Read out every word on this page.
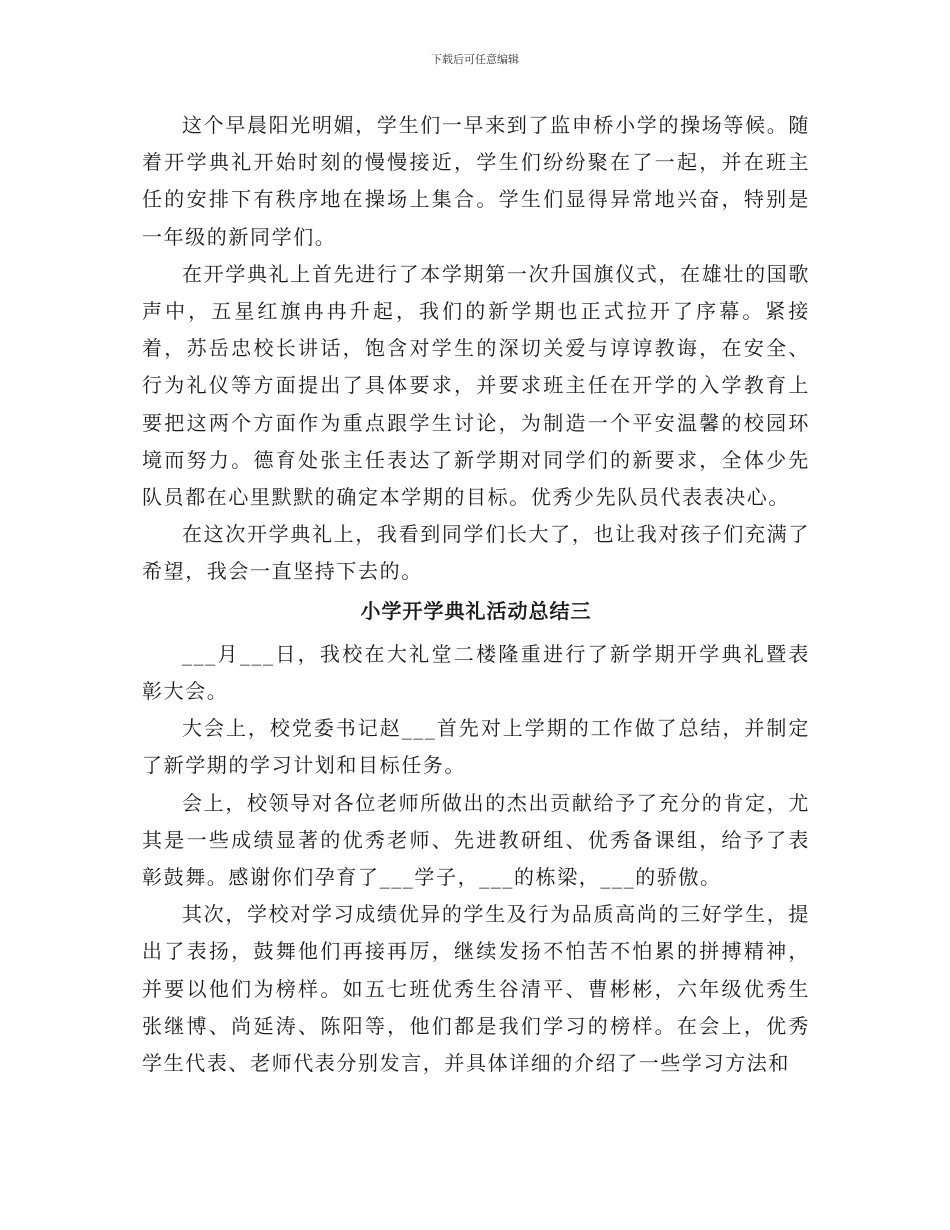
下载后可任意编辑

这个早晨阳光明媚，学生们一早来到了监申桥小学的操场等候。随着开学典礼开始时刻的慢慢接近，学生们纷纷聚在了一起，并在班主任的安排下有秩序地在操场上集合。学生们显得异常地兴奋，特别是一年级的新同学们。

在开学典礼上首先进行了本学期第一次升国旗仪式，在雄壮的国歌声中，五星红旗冉冉升起，我们的新学期也正式拉开了序幕。紧接着，苏岳忠校长讲话，饱含对学生的深切关爱与谆谆教诲，在安全、行为礼仪等方面提出了具体要求，并要求班主任在开学的入学教育上要把这两个方面作为重点跟学生讨论，为制造一个平安温馨的校园环境而努力。德育处张主任表达了新学期对同学们的新要求，全体少先队员都在心里默默的确定本学期的目标。优秀少先队员代表表决心。

在这次开学典礼上，我看到同学们长大了，也让我对孩子们充满了希望，我会一直坚持下去的。

小学开学典礼活动总结三

___月___日，我校在大礼堂二楼隆重进行了新学期开学典礼暨表彰大会。

大会上，校党委书记赵___首先对上学期的工作做了总结，并制定了新学期的学习计划和目标任务。

会上，校领导对各位老师所做出的杰出贡献给予了充分的肯定，尤其是一些成绩显著的优秀老师、先进教研组、优秀备课组，给予了表彰鼓舞。感谢你们孕育了___学子，___的栋梁，___的骄傲。

其次，学校对学习成绩优异的学生及行为品质高尚的三好学生，提出了表扬，鼓舞他们再接再厉，继续发扬不怕苦不怕累的拼搏精神，并要以他们为榜样。如五七班优秀生谷清平、曹彬彬，六年级优秀生张继博、尚延涛、陈阳等，他们都是我们学习的榜样。在会上，优秀学生代表、老师代表分别发言，并具体详细的介绍了一些学习方法和
